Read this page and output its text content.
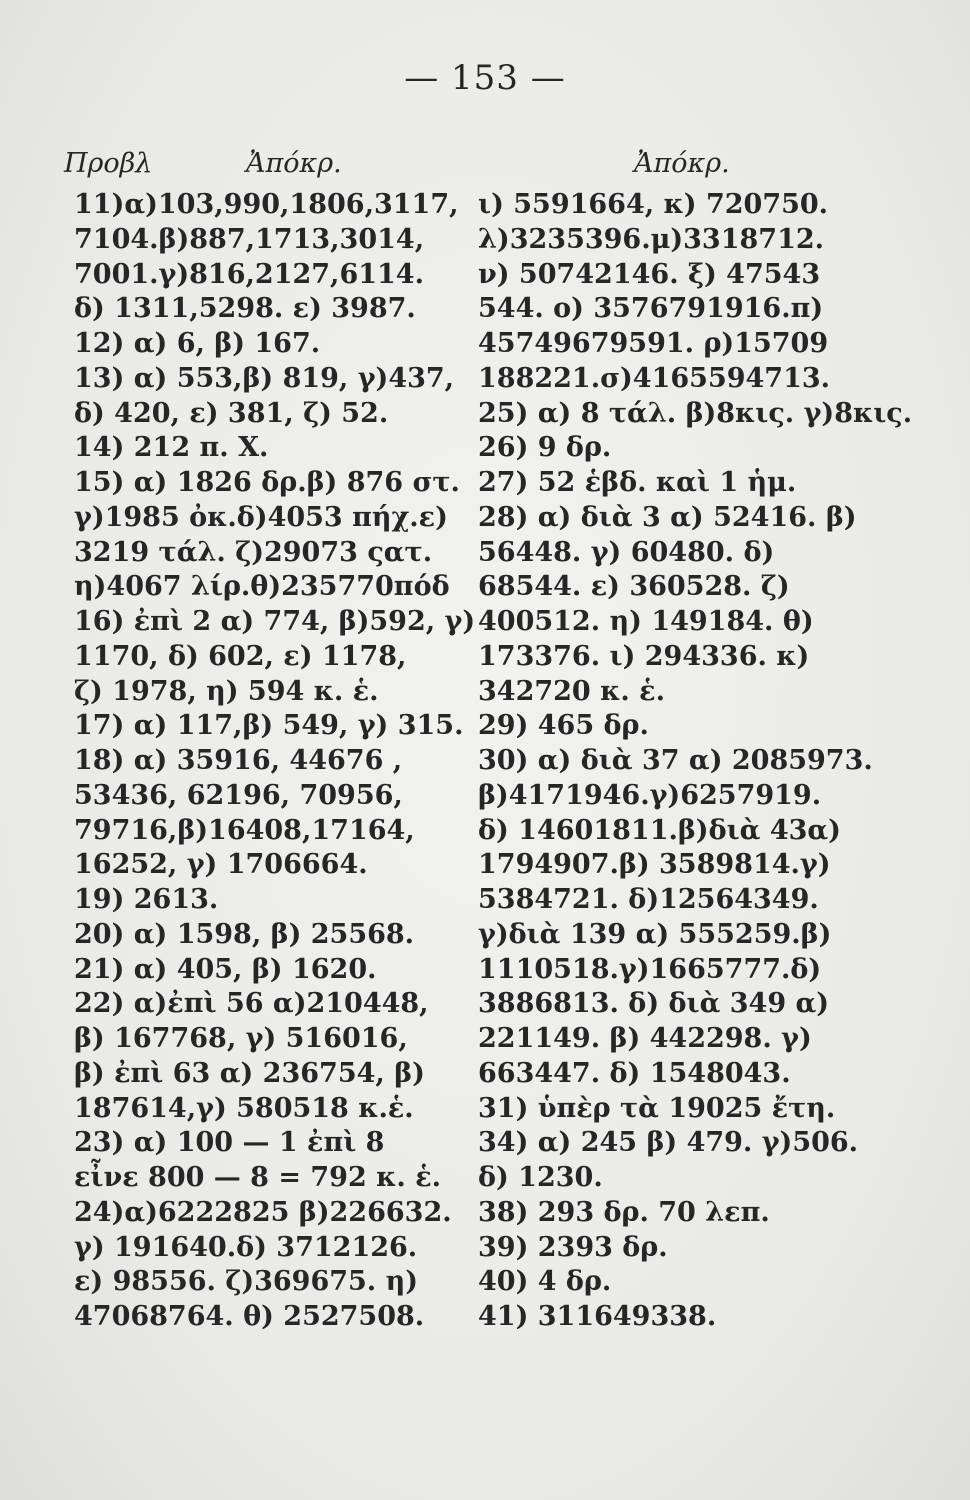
— 153 —
Προβλ	Ἀπόκρ.	Ἀπόκρ.
11)α)103,990,1806,3117,
7104.β)887,1713,3014,
7001.γ)816,2127,6114.
δ) 1311,5298. ε) 3987.
12) α) 6, β) 167.
13) α) 553,β) 819, γ)437,
δ) 420, ε) 381, ζ) 52.
14) 212 π. Χ.
15) α) 1826 δρ.β) 876 στ.
γ)1985 ὀκ.δ)4053 πήχ.ε)
3219 τάλ. ζ)29073 ςατ.
η)4067 λίρ.θ)235770πόδ
16) ἐπὶ 2 α) 774, β)592, γ)
1170, δ) 602, ε) 1178,
ζ) 1978, η) 594 κ. ἑ.
17) α) 117,β) 549, γ) 315.
18) α) 35916, 44676 ,
53436, 62196, 70956,
79716,β)16408,17164,
16252, γ) 1706664.
19) 2613.
20) α) 1598, β) 25568.
21) α) 405, β) 1620.
22) α)ἐπὶ 56 α)210448,
β) 167768, γ) 516016,
β) ἐπὶ 63 α) 236754, β)
187614,γ) 580518 κ.ἑ.
23) α) 100 — 1 ἐπὶ 8
εἶνε 800 — 8 = 792 κ. ἑ.
24)α)6222825 β)226632.
γ) 191640.δ) 3712126.
ε) 98556. ζ)369675. η)
47068764. θ) 2527508.
ι) 5591664, κ) 720750.
λ)3235396.μ)3318712.
ν) 50742146. ξ) 47543
544. ο) 3576791916.π)
45749679591. ρ)15709
188221.σ)4165594713.
25) α) 8 τάλ. β)8κις. γ)8κις.
26) 9 δρ.
27) 52 ἑβδ. καὶ 1 ἡμ.
28) α) διὰ 3 α) 52416. β)
56448. γ) 60480. δ)
68544. ε) 360528. ζ)
400512. η) 149184. θ)
173376. ι) 294336. κ)
342720 κ. ἑ.
29) 465 δρ.
30) α) διὰ 37 α) 2085973.
β)4171946.γ)6257919.
δ) 14601811.β)διὰ 43α)
1794907.β) 3589814.γ)
5384721. δ)12564349.
γ)διὰ 139 α) 555259.β)
1110518.γ)1665777.δ)
3886813. δ) διὰ 349 α)
221149. β) 442298. γ)
663447. δ) 1548043.
31) ὑπὲρ τὰ 19025 ἔτη.
34) α) 245 β) 479. γ)506.
δ) 1230.
38) 293 δρ. 70 λεπ.
39) 2393 δρ.
40) 4 δρ.
41) 311649338.
